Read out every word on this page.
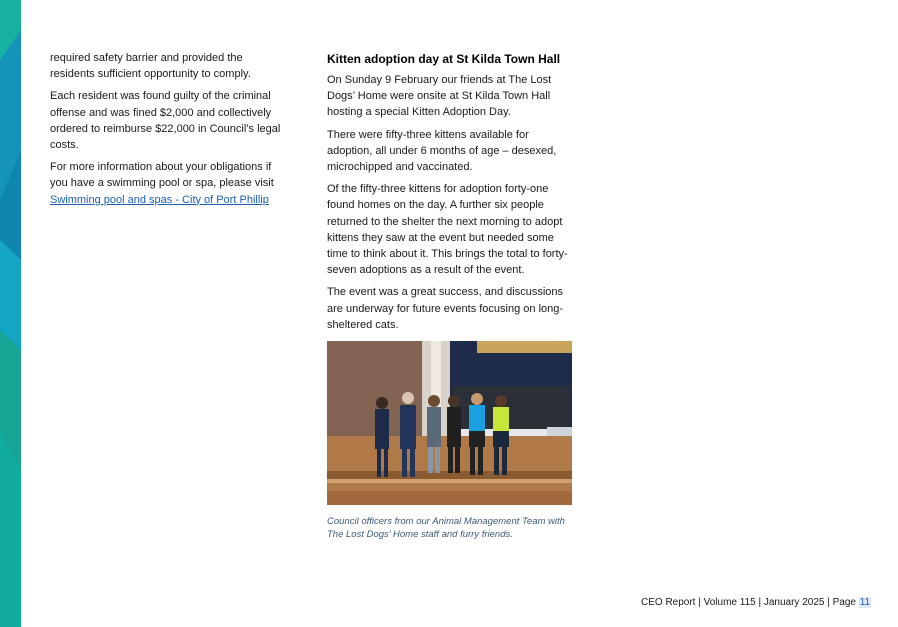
required safety barrier and provided the residents sufficient opportunity to comply.

Each resident was found guilty of the criminal offense and was fined $2,000 and collectively ordered to reimburse $22,000 in Council’s legal costs.

For more information about your obligations if you have a swimming pool or spa, please visit Swimming pool and spas - City of Port Phillip

Kitten adoption day at St Kilda Town Hall

On Sunday 9 February our friends at The Lost Dogs’ Home were onsite at St Kilda Town Hall hosting a special Kitten Adoption Day.

There were fifty-three kittens available for adoption, all under 6 months of age – desexed, microchipped and vaccinated.

Of the fifty-three kittens for adoption forty-one found homes on the day. A further six people returned to the shelter the next morning to adopt kittens they saw at the event but needed some time to think about it. This brings the total to forty-seven adoptions as a result of the event.

The event was a great success, and discussions are underway for future events focusing on long-sheltered cats.

Council officers from our Animal Management Team with The Lost Dogs’ Home staff and furry friends.
CEO Report | Volume 115 | January 2025 | Page 11
